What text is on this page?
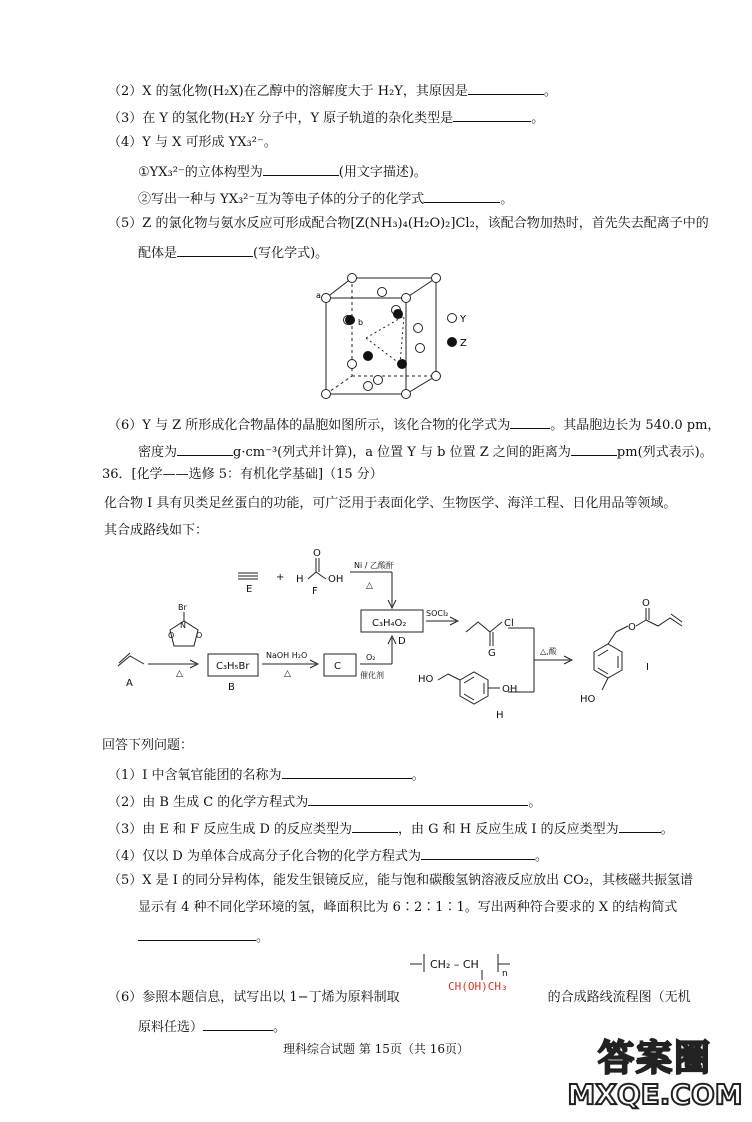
（2）X 的氢化物(H₂X)在乙醇中的溶解度大于 H₂Y，其原因是	。
（3）在 Y 的氢化物(H₂Y 分子中，Y 原子轨道的杂化类型是	。
（4）Y 与 X 可形成 YX₃²⁻。
①YX₃²⁻的立体构型为	(用文字描述)。
②写出一种与 YX₃²⁻互为等电子体的分子的化学式	。
（5）Z 的氯化物与氨水反应可形成配合物[Z(NH₃)₄(H₂O)₂]Cl₂，该配合物加热时，首先失去配离子中的
配体是	(写化学式)。
a
b	Y
Z
（6）Y 与 Z 所形成化合物晶体的晶胞如图所示，该化合物的化学式为	。其晶胞边长为 540.0 pm，
密度为	g·cm⁻³(列式并计算)，a 位置 Y 与 b 位置 Z 之间的距离为	pm(列式表示)。
36．[化学——选修 5：有机化学基础]（15 分）
化合物 I 具有贝类足丝蛋白的功能，可广泛用于表面化学、生物医学、海洋工程、日化用品等领域。
其合成路线如下：
E
+ H
O
OH
F
Ni / 乙酸酐
△
C₃H₄O₂
D
SOCl₂
Cl
G
A
Br
N
O	O
△
C₃H₅Br
B
NaOH H₂O
△
C
O₂
催化剂	HO
OH
H
△,酸
O
O
HO
I
回答下列问题：
（1）I 中含氧官能团的名称为	。
（2）由 B 生成 C 的化学方程式为	。
（3）由 E 和 F 反应生成 D 的反应类型为	，由 G 和 H 反应生成 I 的反应类型为	。
（4）仅以 D 为单体合成高分子化合物的化学方程式为	。
（5）X 是 I 的同分异构体，能发生银镜反应，能与饱和碳酸氢钠溶液反应放出 CO₂，其核磁共振氢谱
显示有 4 种不同化学环境的氢，峰面积比为 6∶2∶1∶1。写出两种符合要求的 X 的结构简式
。
CH₂ – CH
n
CH(OH)CH₃
（6）参照本题信息，试写出以 1−丁烯为原料制取	的合成路线流程图（无机
原料任选）	。
理科综合试题 第 15页（共 16页）	答案圈
MXQE.COM
